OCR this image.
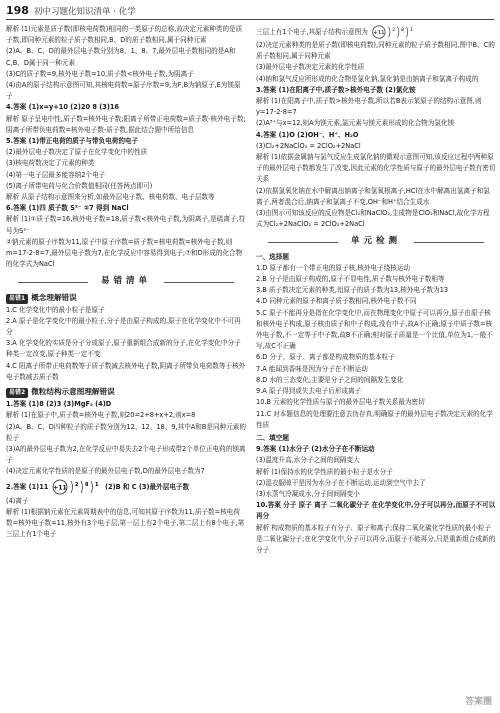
198 初中习题化知识清单 · 化学

解析 (1)元素是质子数(即核电荷数)相同的一类原子的总称,故决定元素种类的是质子数,即同种元素的粒子质子数相同,B、D的质子数相同,属于同种元素

(2)A、B、C、D的最外层电子数分别为8、1、8、7,最外层电子数相同的是A和C,B、D属于同一种元素

(3)C的质子数=9,核外电子数=10,质子数<核外电子数,为阴离子

(4)由A的原子结构示意图可知,其核电荷数=原子序数=9,为F,B为钠原子,E为镁原子

4.答案 (1)x=y+10 (2)20 8 (3)16

解析 原子呈电中性,质子数=核外电子数;阳离子所带正电荷数=质子数-核外电子数;阴离子所带负电荷数=核外电子数-质子数,据此结合题中所给信息

5.答案 (1)带正电荷的质子与带负电荷的电子

(2)最外层电子数决定了原子在化学变化中的性质

(3)核电荷数决定了元素的种类

(4)第一电子层最多能容纳2个电子

(5)离子所带电荷与化合价数值相同(任答两点即可)

解析 从原子结构示意图来分析,如最外层电子数、核电荷数、电子层数等

6.答案 (1)四 质子数 S²⁻ ②7 得到 NaCl

解析 (1)①质子数=16,核外电子数=18,质子数<核外电子数,为阴离子,是硫离子,符号为S²⁻

②钠元素的原子序数为11,原子中原子序数=质子数=核电荷数=核外电子数,则m=17-2-8=7,最外层电子数为7,在化学反应中容易得到电子;⑦和D形成的化合物的化学式为NaCl

易错清单
易错1 概念理解错误

1.C 化学变化中的最小粒子是原子

2.A 原子是化学变化中的最小粒子,分子是由原子构成的,原子在化学变化中不可再分

3.A 化学变化的实质是分子分成原子,原子重新组合成新的分子,在化学变化中分子种类一定改变,原子种类一定不变

4.C 阳离子所带正电荷数等于质子数减去核外电子数,阴离子所带负电荷数等于核外电子数减去质子数

易错2 微粒结构示意图理解错误

1.答案 (1)8 (2)3 (3)MgF₂ (4)D

解析 (1)在原子中,质子数=核外电子数,则20=2+8+x+2,则x=8

(2)A、B、C、D四种粒子的质子数分别为12、12、18、9,其中A和B是同种元素的粒子

(3)A的最外层电子数为2,在化学反应中易失去2个电子形成带2个单位正电荷的镁离子

(4)决定元素化学性质的是原子的最外层电子数,D的最外层电子数为7

2.答案 (1)11 +11 2 8 1 (2)B 和 C (3)最外层电子数

(4)离子

解析 (1)根据钠元素在元素周期表中的信息,可知其原子序数为11,质子数=核电荷数=核外电子数=11,核外有3个电子层,第一层上有2个电子,第二层上有8个电子,第三层上有1个电子

三层上有1个电子,其原子结构示意图为 +11 2 8 1

(2)决定元素种类的是质子数(即核电荷数),同种元素的粒子质子数相同,图中B、C的质子数相同,属于同种元素

(3)最外层电子数决定元素的化学性质

(4)钠和氯气反应所形成的化合物是氯化钠,氯化钠是由钠离子和氯离子构成的

3.答案 (1)在阳离子中,质子数>核外电子数 (2)氯化铵

解析 (1)在阳离子中,质子数>核外电子数,所以若B表示某原子的结构示意图,则y=17-2-8=7

(2)A³⁺与x=12,则A为镁元素,氯元素与镁元素形成的化合物为氯化镁

4.答案 (1)O (2)OH⁻、H⁺、H₂O

(3)Cl₂+2NaClO₂ = 2ClO₂+2NaCl

解析 (1)依据金属钠与氯气反应生成氯化钠的微观示意图可知,该反应过程中两种原子的最外层电子数都发生了改变,因此元素的化学性质与原子的最外层电子数有密切关系

(2)依据氢氧化钠在水中解离出钠离子和氢氧根离子,HCl在水中解离出氢离子和氯离子,两者混合后,钠离子和氯离子不变,OH⁻和H⁺结合生成水

(3)由图示可知该反应的反应物是Cl₂和NaClO₂,生成物是ClO₂和NaCl,故化学方程式为Cl₂+2NaClO₂ = 2ClO₂+2NaCl

单元检测
一、选择题

1.D 原子都有一个带正电的原子核,核外电子绕核运动

2.B 分子是由原子构成的,原子不显电性,质子数与核外电子数相等

3.B 质子数决定元素的种类,铝原子的质子数为13,核外电子数为13

4.D 同种元素的原子和离子质子数相同,核外电子数不同

5.C 原子不能再分是指在化学变化中,而在物理变化中原子可以再分,原子由原子核和核外电子构成,原子核由质子和中子构成,没有中子,故A不正确;原子中质子数=核外电子数,不一定等于中子数,故B不正确;相对原子质量是一个比值,单位为1,一般不写,故C不正确

6.D 分子、原子、离子都是构成物质的基本粒子

7.A 能闻到香味是因为分子在不断运动

8.D 水的三态变化,主要是分子之间的间隔发生变化

9.A 原子得到或失去电子后形成离子

10.B 元素的化学性质与原子的最外层电子数关系最为密切

11.C 对本题信息的处理要注意去伪存真,明确原子的最外层电子数决定元素的化学性质

二、填空题

9.答案 (1)水分子 (2)水分子在不断运动

(3)温度升高,水分子之间的间隔变大

解析 (1)保持水的化学性质的最小粒子是水分子

(2)湿衣服晾干是因为水分子在不断运动,运动到空气中去了

(3)水蒸气冷凝成水,分子间间隔变小

10.答案 分子 原子 离子 二氧化碳分子 在化学变化中,分子可以再分,而原子不可以再分

解析 构成物质的基本粒子有分子、原子和离子;保持二氧化碳化学性质的最小粒子是二氧化碳分子;在化学变化中,分子可以再分,而原子不能再分,只是重新组合成新的分子

答案圈
